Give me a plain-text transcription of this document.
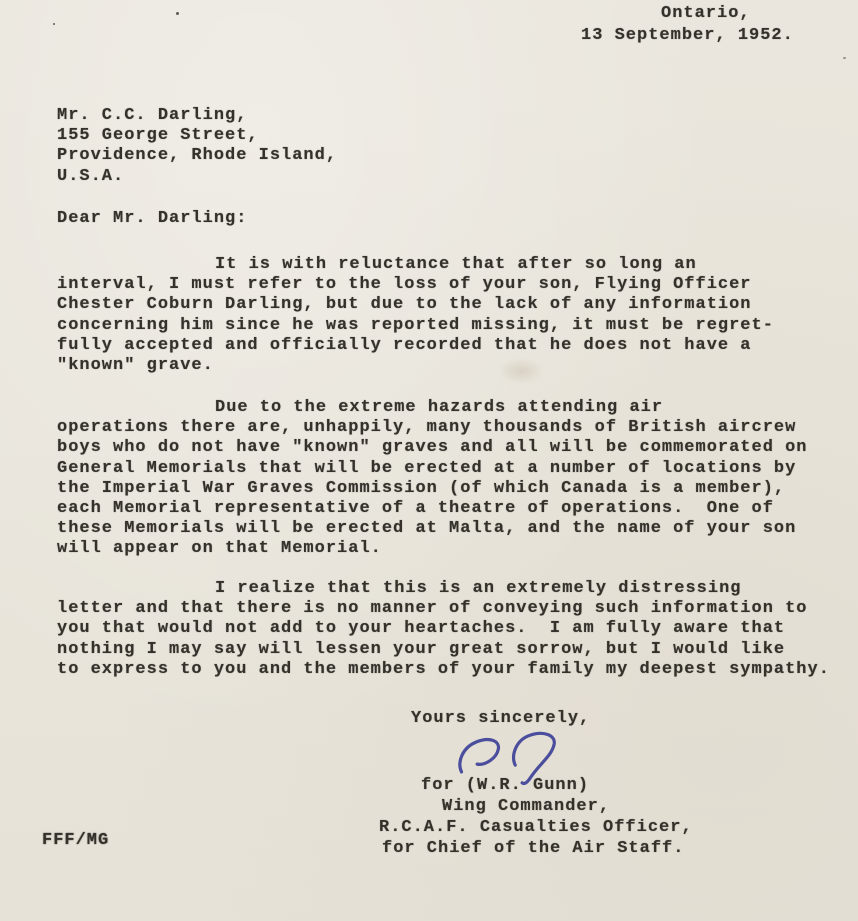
Ontario,
13 September, 1952.
Mr. C.C. Darling,
155 George Street,
Providence, Rhode Island,
U.S.A.
Dear Mr. Darling:
It is with reluctance that after so long an
interval, I must refer to the loss of your son, Flying Officer
Chester Coburn Darling, but due to the lack of any information
concerning him since he was reported missing, it must be regret-
fully accepted and officially recorded that he does not have a
"known" grave.
Due to the extreme hazards attending air
operations there are, unhappily, many thousands of British aircrew
boys who do not have "known" graves and all will be commemorated on
General Memorials that will be erected at a number of locations by
the Imperial War Graves Commission (of which Canada is a member),
each Memorial representative of a theatre of operations.  One of
these Memorials will be erected at Malta, and the name of your son
will appear on that Memorial.
I realize that this is an extremely distressing
letter and that there is no manner of conveying such information to
you that would not add to your heartaches.  I am fully aware that
nothing I may say will lessen your great sorrow, but I would like
to express to you and the members of your family my deepest sympathy.
Yours sincerely,
for (W.R. Gunn)
Wing Commander,
R.C.A.F. Casualties Officer,
for Chief of the Air Staff.
FFF/MG
